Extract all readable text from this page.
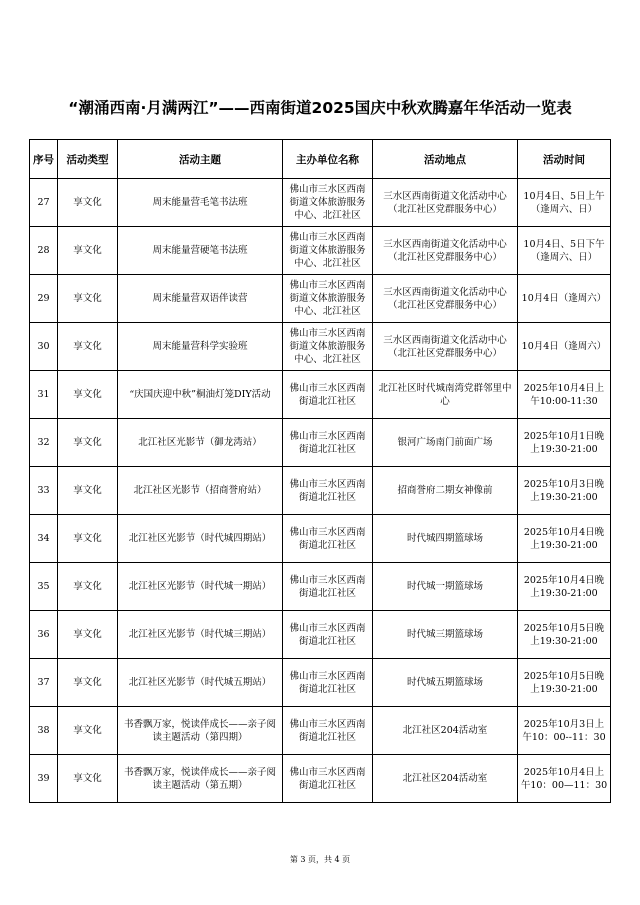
“潮涌西南·月满两江”——西南街道2025国庆中秋欢腾嘉年华活动一览表
序号	活动类型	活动主题	主办单位名称	活动地点	活动时间
27	享文化	周末能量营毛笔书法班	佛山市三水区西南街道文体旅游服务中心、北江社区	三水区西南街道文化活动中心（北江社区党群服务中心）	10月4日、5日上午（逢周六、日）
28	享文化	周末能量营硬笔书法班	佛山市三水区西南街道文体旅游服务中心、北江社区	三水区西南街道文化活动中心（北江社区党群服务中心）	10月4日、5日下午（逢周六、日）
29	享文化	周末能量营双语伴读营	佛山市三水区西南街道文体旅游服务中心、北江社区	三水区西南街道文化活动中心（北江社区党群服务中心）	10月4日（逢周六）
30	享文化	周末能量营科学实验班	佛山市三水区西南街道文体旅游服务中心、北江社区	三水区西南街道文化活动中心（北江社区党群服务中心）	10月4日（逢周六）
31	享文化	“庆国庆迎中秋”桐油灯笼DIY活动	佛山市三水区西南街道北江社区	北江社区时代城南湾党群邻里中心	2025年10月4日上午10:00-11:30
32	享文化	北江社区光影节（御龙湾站）	佛山市三水区西南街道北江社区	银河广场南门前面广场	2025年10月1日晚上19:30-21:00
33	享文化	北江社区光影节（招商誉府站）	佛山市三水区西南街道北江社区	招商誉府二期女神像前	2025年10月3日晚上19:30-21:00
34	享文化	北江社区光影节（时代城四期站）	佛山市三水区西南街道北江社区	时代城四期篮球场	2025年10月4日晚上19:30-21:00
35	享文化	北江社区光影节（时代城一期站）	佛山市三水区西南街道北江社区	时代城一期篮球场	2025年10月4日晚上19:30-21:00
36	享文化	北江社区光影节（时代城三期站）	佛山市三水区西南街道北江社区	时代城三期篮球场	2025年10月5日晚上19:30-21:00
37	享文化	北江社区光影节（时代城五期站）	佛山市三水区西南街道北江社区	时代城五期篮球场	2025年10月5日晚上19:30-21:00
38	享文化	书香飘万家，悦读伴成长——亲子阅读主题活动（第四期）	佛山市三水区西南街道北江社区	北江社区204活动室	2025年10月3日上午10：00--11：30
39	享文化	书香飘万家，悦读伴成长——亲子阅读主题活动（第五期）	佛山市三水区西南街道北江社区	北江社区204活动室	2025年10月4日上午10：00—11：30
第 3 页，共 4 页
